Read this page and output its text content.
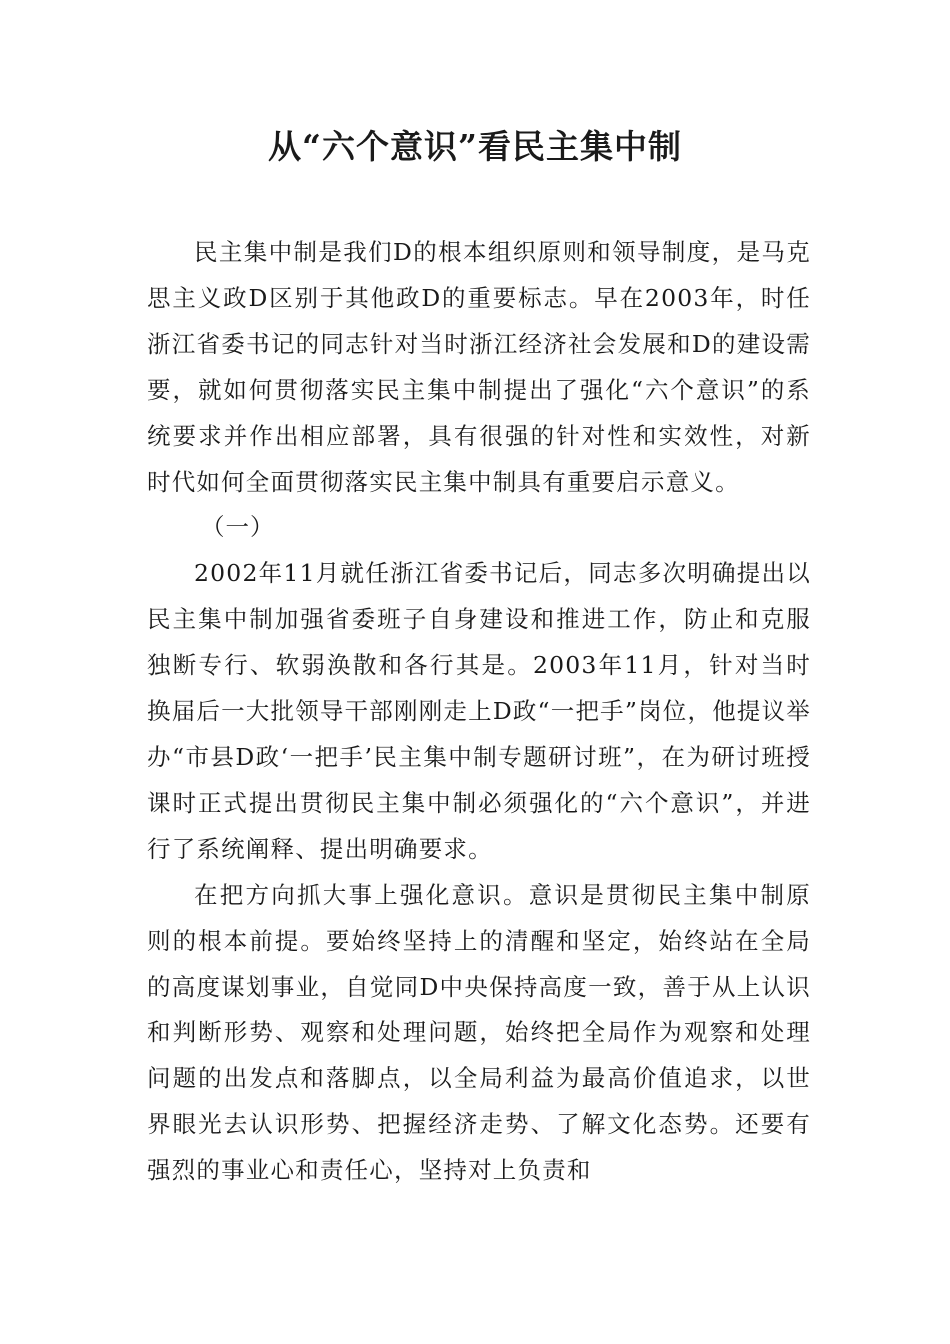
从“六个意识”看民主集中制

民主集中制是我们D的根本组织原则和领导制度，是马克思主义政D区别于其他政D的重要标志。早在2003年，时任浙江省委书记的同志针对当时浙江经济社会发展和D的建设需要，就如何贯彻落实民主集中制提出了强化“六个意识”的系统要求并作出相应部署，具有很强的针对性和实效性，对新时代如何全面贯彻落实民主集中制具有重要启示意义。

（一）

2002年11月就任浙江省委书记后，同志多次明确提出以民主集中制加强省委班子自身建设和推进工作，防止和克服独断专行、软弱涣散和各行其是。2003年11月，针对当时换届后一大批领导干部刚刚走上D政“一把手”岗位，他提议举办“市县D政‘一把手’民主集中制专题研讨班”，在为研讨班授课时正式提出贯彻民主集中制必须强化的“六个意识”，并进行了系统阐释、提出明确要求。

在把方向抓大事上强化意识。意识是贯彻民主集中制原则的根本前提。要始终坚持上的清醒和坚定，始终站在全局的高度谋划事业，自觉同D中央保持高度一致，善于从上认识和判断形势、观察和处理问题，始终把全局作为观察和处理问题的出发点和落脚点，以全局利益为最高价值追求，以世界眼光去认识形势、把握经济走势、了解文化态势。还要有强烈的事业心和责任心，坚持对上负责和
